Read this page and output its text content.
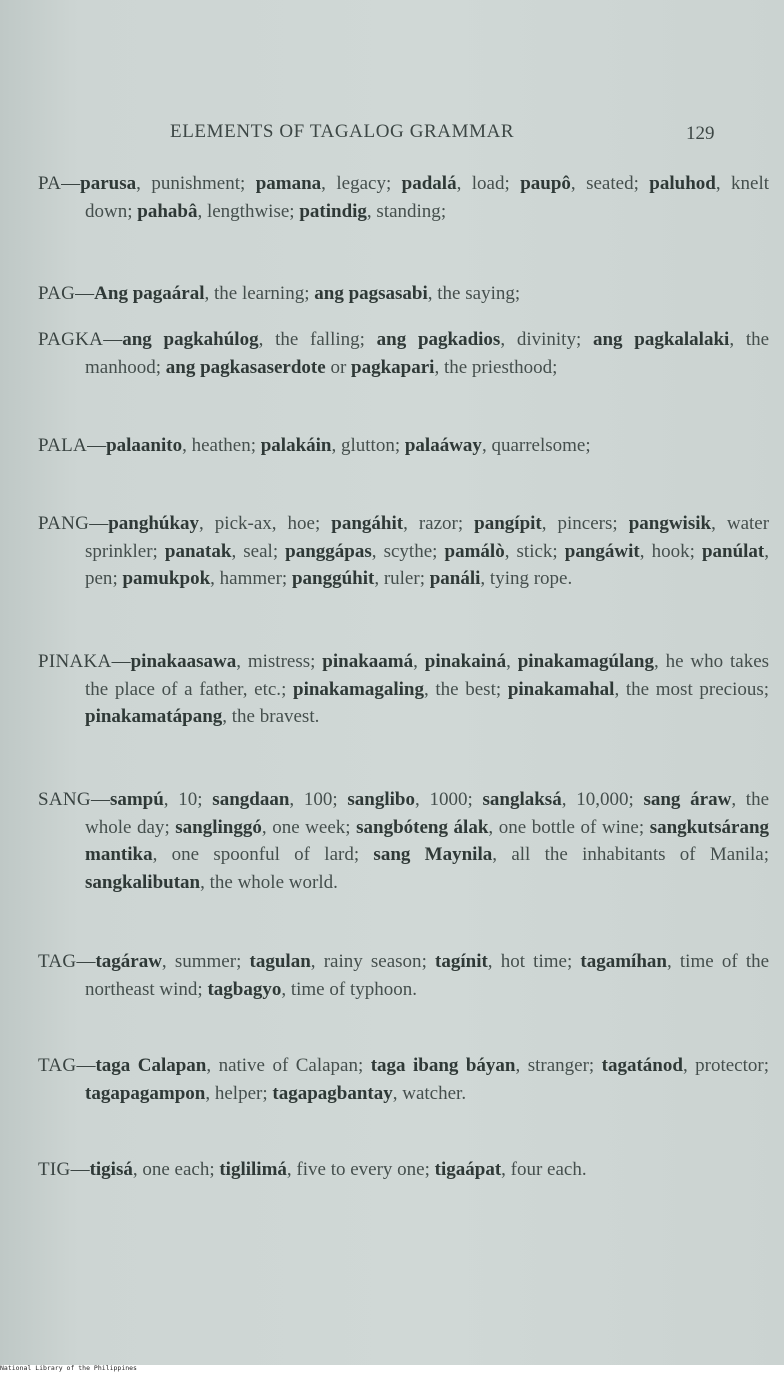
ELEMENTS OF TAGALOG GRAMMAR	129

PA—parusa, punishment; pamana, legacy; padalá, load; paupô, seated; paluhod, knelt down; pahabâ, lengthwise; patindig, standing;

PAG—Ang pagaáral, the learning; ang pagsasabi, the saying;

PAGKA—ang pagkahúlog, the falling; ang pagkadios, divinity; ang pagkalalaki, the manhood; ang pagkasaserdote or pagkapari, the priesthood;

PALA—palaanito, heathen; palakáin, glutton; palaáway, quarrelsome;

PANG—panghúkay, pick-ax, hoe; pangáhit, razor; pangípit, pincers; pangwisik, water sprinkler; panatak, seal; panggápas, scythe; pamálò, stick; pangáwit, hook; panúlat, pen; pamukpok, hammer; panggúhit, ruler; panáli, tying rope.

PINAKA—pinakaasawa, mistress; pinakaamá, pinakainá, pinakamagúlang, he who takes the place of a father, etc.; pinakamagaling, the best; pinakamahal, the most precious; pinakamatápang, the bravest.

SANG—sampú, 10; sangdaan, 100; sanglibo, 1000; sanglaksá, 10,000; sang áraw, the whole day; sanglinggó, one week; sangbóteng álak, one bottle of wine; sangkutsárang mantika, one spoonful of lard; sang Maynila, all the inhabitants of Manila; sangkalibutan, the whole world.

TAG—tagáraw, summer; tagulan, rainy season; tagínit, hot time; tagamíhan, time of the northeast wind; tagbagyo, time of typhoon.

TAG—taga Calapan, native of Calapan; taga ibang báyan, stranger; tagatánod, protector; tagapagampon, helper; tagapagbantay, watcher.

TIG—tigisá, one each; tiglilimá, five to every one; tigaápat, four each.

National Library of the Philippines
